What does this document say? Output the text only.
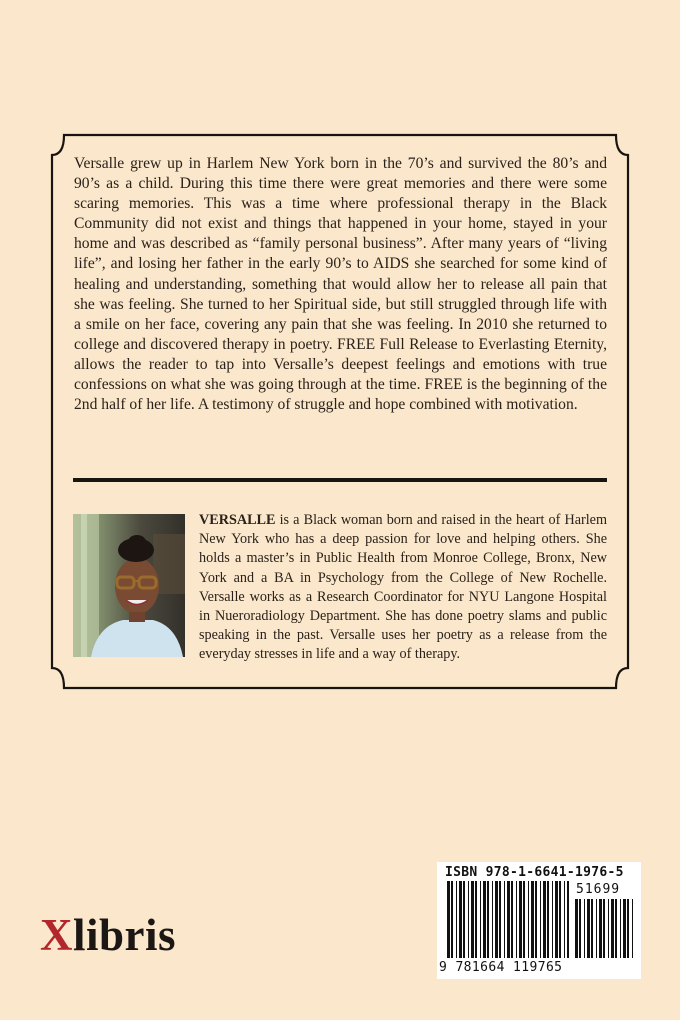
Versalle grew up in Harlem New York born in the 70’s and survived the 80’s and 90’s as a child. During this time there were great memories and there were some scaring memories. This was a time where professional therapy in the Black Community did not exist and things that happened in your home, stayed in your home and was described as “family personal business”. After many years of “living life”, and losing her father in the early 90’s to AIDS she searched for some kind of healing and understanding, something that would allow her to release all pain that she was feeling. She turned to her Spiritual side, but still struggled through life with a smile on her face, covering any pain that she was feeling. In 2010 she returned to college and discovered therapy in poetry. FREE Full Release to Everlasting Eternity, allows the reader to tap into Versalle’s deepest feelings and emotions with true confessions on what she was going through at the time. FREE is the beginning of the 2nd half of her life. A testimony of struggle and hope combined with motivation.

VERSALLE is a Black woman born and raised in the heart of Harlem New York who has a deep passion for love and helping others. She holds a master’s in Public Health from Monroe College, Bronx, New York and a BA in Psychology from the College of New Rochelle. Versalle works as a Research Coordinator for NYU Langone Hospital in Nueroradiology Department. She has done poetry slams and public speaking in the past. Versalle uses her poetry as a release from the everyday stresses in life and a way of therapy.

Xlibris
ISBN 978-1-6641-1976-5
51699
9 781664 119765
